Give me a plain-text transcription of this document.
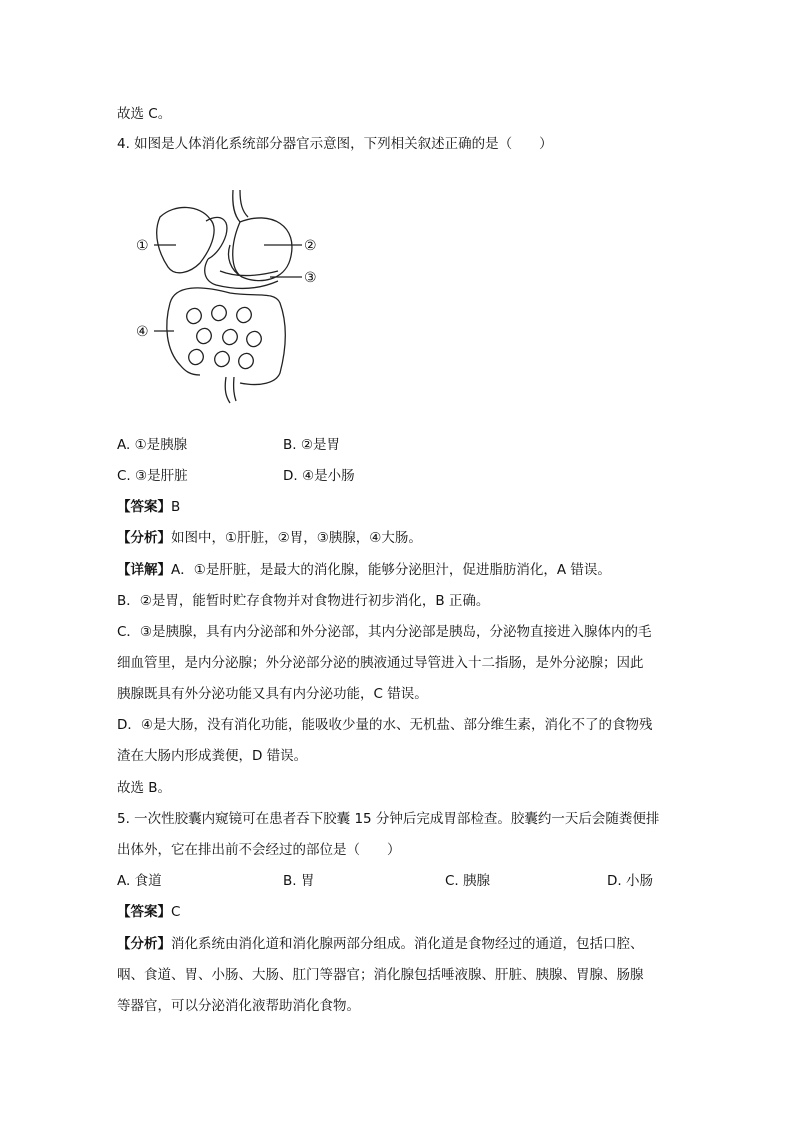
故选 C。
4. 如图是人体消化系统部分器官示意图，下列相关叙述正确的是（　　）
①	②
③
④
A. ①是胰腺	B. ②是胃
C. ③是肝脏	D. ④是小肠
【答案】B
【分析】如图中，①肝脏，②胃，③胰腺，④大肠。
【详解】A．①是肝脏，是最大的消化腺，能够分泌胆汁，促进脂肪消化，A 错误。
B．②是胃，能暂时贮存食物并对食物进行初步消化，B 正确。
C．③是胰腺，具有内分泌部和外分泌部，其内分泌部是胰岛，分泌物直接进入腺体内的毛
细血管里，是内分泌腺；外分泌部分泌的胰液通过导管进入十二指肠，是外分泌腺；因此
胰腺既具有外分泌功能又具有内分泌功能，C 错误。
D．④是大肠，没有消化功能，能吸收少量的水、无机盐、部分维生素，消化不了的食物残
渣在大肠内形成粪便，D 错误。
故选 B。
5. 一次性胶囊内窥镜可在患者吞下胶囊 15 分钟后完成胃部检查。胶囊约一天后会随粪便排
出体外，它在排出前不会经过的部位是（　　）
A. 食道	B. 胃	C. 胰腺	D. 小肠
【答案】C
【分析】消化系统由消化道和消化腺两部分组成。消化道是食物经过的通道，包括口腔、
咽、食道、胃、小肠、大肠、肛门等器官；消化腺包括唾液腺、肝脏、胰腺、胃腺、肠腺
等器官，可以分泌消化液帮助消化食物。
